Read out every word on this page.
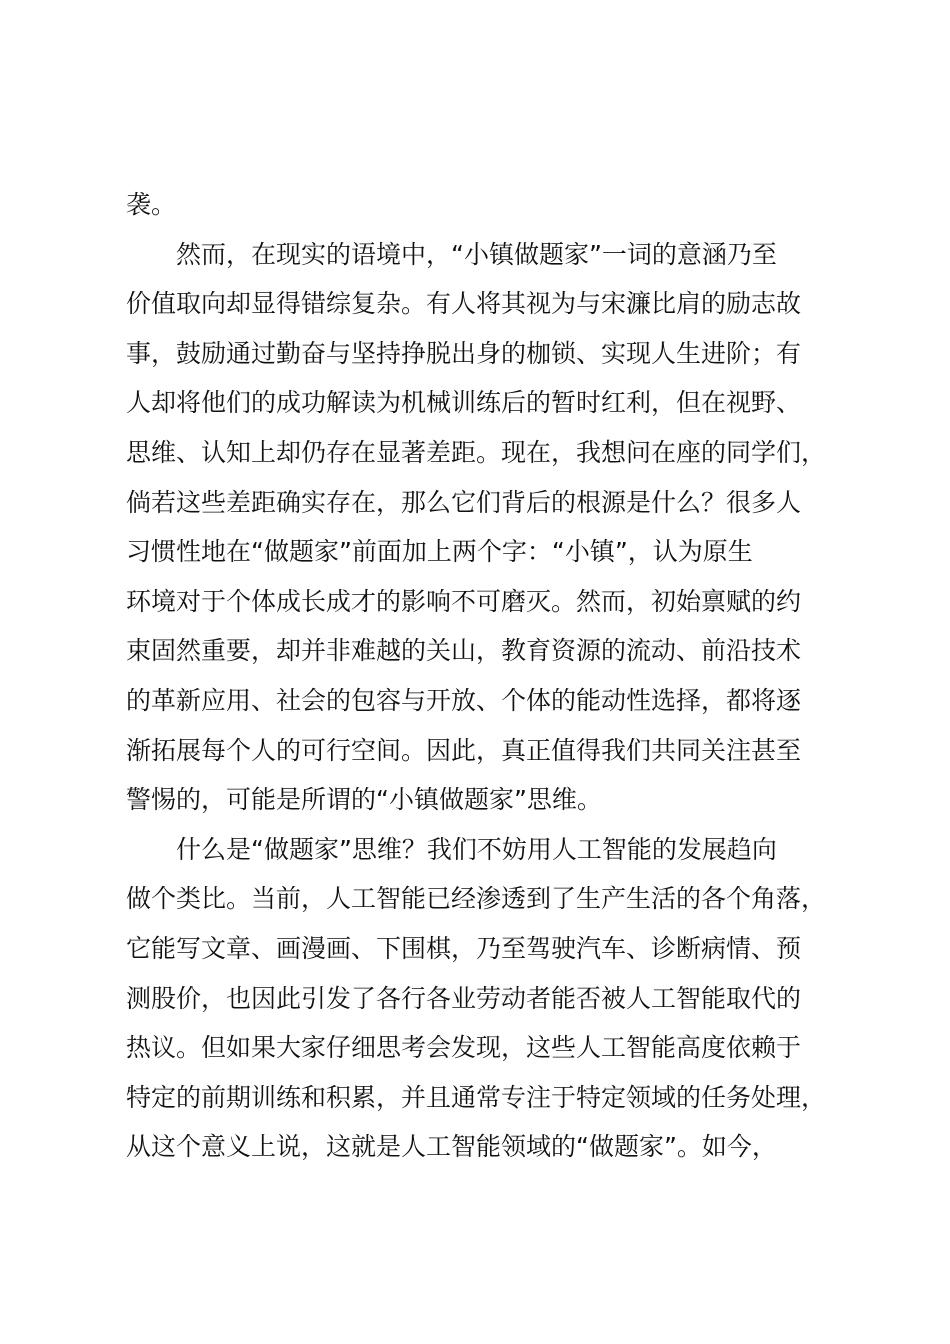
袭。
然而，在现实的语境中，“小镇做题家”一词的意涵乃至
价值取向却显得错综复杂。有人将其视为与宋濂比肩的励志故
事，鼓励通过勤奋与坚持挣脱出身的枷锁、实现人生进阶；有
人却将他们的成功解读为机械训练后的暂时红利，但在视野、
思维、认知上却仍存在显著差距。现在，我想问在座的同学们，
倘若这些差距确实存在，那么它们背后的根源是什么？很多人
习惯性地在“做题家”前面加上两个字：“小镇”，认为原生
环境对于个体成长成才的影响不可磨灭。然而，初始禀赋的约
束固然重要，却并非难越的关山，教育资源的流动、前沿技术
的革新应用、社会的包容与开放、个体的能动性选择，都将逐
渐拓展每个人的可行空间。因此，真正值得我们共同关注甚至
警惕的，可能是所谓的“小镇做题家”思维。
什么是“做题家”思维？我们不妨用人工智能的发展趋向
做个类比。当前，人工智能已经渗透到了生产生活的各个角落，
它能写文章、画漫画、下围棋，乃至驾驶汽车、诊断病情、预
测股价，也因此引发了各行各业劳动者能否被人工智能取代的
热议。但如果大家仔细思考会发现，这些人工智能高度依赖于
特定的前期训练和积累，并且通常专注于特定领域的任务处理，
从这个意义上说，这就是人工智能领域的“做题家”。如今，
